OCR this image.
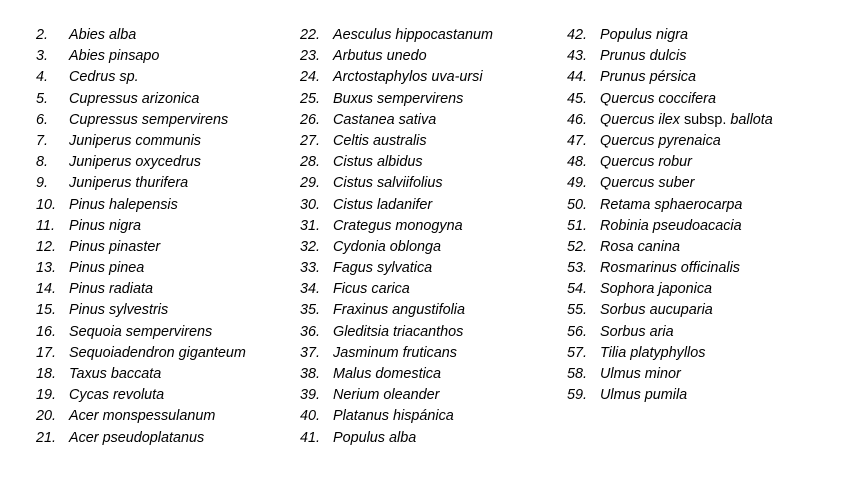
2. Abies alba
3. Abies pinsapo
4. Cedrus sp.
5. Cupressus arizonica
6. Cupressus sempervirens
7. Juniperus communis
8. Juniperus oxycedrus
9. Juniperus thurifera
10. Pinus halepensis
11. Pinus nigra
12. Pinus pinaster
13. Pinus pinea
14. Pinus radiata
15. Pinus sylvestris
16. Sequoia sempervirens
17. Sequoiadendron giganteum
18. Taxus baccata
19. Cycas revoluta
20. Acer monspessulanum
21. Acer pseudoplatanus
22. Aesculus hippocastanum
23. Arbutus unedo
24. Arctostaphylos uva-ursi
25. Buxus sempervirens
26. Castanea sativa
27. Celtis australis
28. Cistus albidus
29. Cistus salviifolius
30. Cistus ladanifer
31. Crategus monogyna
32. Cydonia oblonga
33. Fagus sylvatica
34. Ficus carica
35. Fraxinus angustifolia
36. Gleditsia triacanthos
37. Jasminum fruticans
38. Malus domestica
39. Nerium oleander
40. Platanus hispánica
41. Populus alba
42. Populus nigra
43. Prunus dulcis
44. Prunus pérsica
45. Quercus coccifera
46. Quercus ilex subsp. ballota
47. Quercus pyrenaica
48. Quercus robur
49. Quercus suber
50. Retama sphaerocarpa
51. Robinia pseudoacacia
52. Rosa canina
53. Rosmarinus officinalis
54. Sophora japonica
55. Sorbus aucuparia
56. Sorbus aria
57. Tilia platyphyllos
58. Ulmus minor
59. Ulmus pumila
